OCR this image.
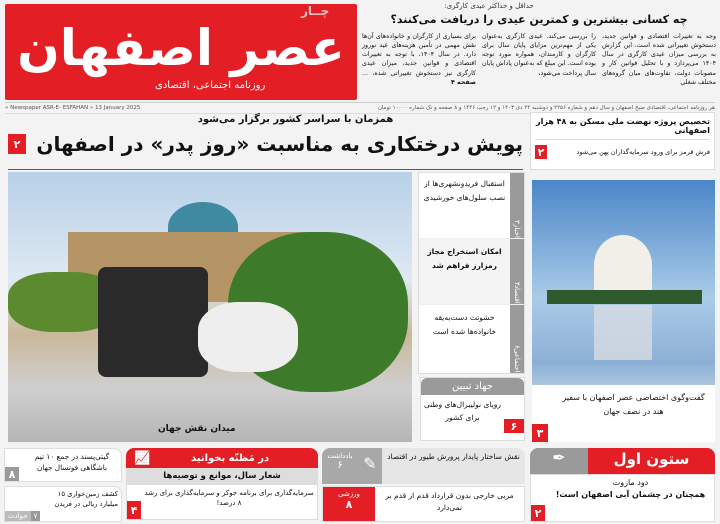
چــار
عصر اصفهان
روزنامه اجتماعی، اقتصادی
حداقل و حداکثر عیدی کارگری:
چه کسانی بیشترین و کمترین عیدی را دریافت می‌کنند؟

وجه به تغییرات اقتصادی و قوانین جدید، دستخوش تغییراتی شده است. این گزارش به بررسی میزان عیدی کارگری در سال ۱۴۰۴ می‌پردازد و با تحلیل قوانین کار و مصوبات دولت، تفاوت‌های میان گروه‌های مختلف شغلی

را بررسی می‌کند. عیدی کارگری به‌عنوان یکی از مهم‌ترین مزایای پایان سال برای کارگران و کارمندان، همواره مورد توجه بوده است. این مبلغ که به‌عنوان پاداش پایان سال پرداخت می‌شود،

برای بسیاری از کارگران و خانواده‌های آن‌ها نقش مهمی در تأمین هزینه‌های عید نوروز دارد. در سال ۱۴۰۴، با توجه به تغییرات اقتصادی و قوانین جدید، میزان عیدی کارگری نیز دستخوش تغییراتی شده، ... صفحه ۴

هر روزنامه اجتماعی، اقتصادی صبح اصفهان و سال دهم و شماره ۲۲۵۶ و دوشنبه ۲۴ دی ۱۴۰۳ و ۱۲ رجب ۱۴۴۶ و ۸ صفحه و تک شماره ۱۰۰۰۰ تومان
« Newspaper ASR-E- ESFAHAN » 13 January 2025
همزمان با سراسر کشور برگزار می‌شود
پویش درختکاری به مناسبت «روز پدر» در اصفهان
۲
تخصیص پروژه نهضت ملی مسکن به ۴۸ هزار اصفهانی
فرش قرمز برای ورود سرمایه‌گذاران پهن می‌شود
۲
میدان نقش جهان
اخبار
۳

استقبال فریدونشهری‌ها از نصب سلول‌های خورشیدی

اقتصاد
۴

امکان استخراج مجاز رمزارز فراهم شد

اجتماعی
۶

خشونت دست‌به‌یقه خانواده‌ها شده است

جهاد تبیین
۶

رویای نولیبرال‌های وطنی برای کشور

گفت‌وگوی اختصاصی عصر اصفهان با سفیر هند در نصف جهان

۳
ستون اول
✒
دود مازوت
همچنان در چشمان آبی اصفهان است!
۲

نقش ساختار پایدار پرورش طیور در اقتصاد

✎
یادداشت
۶

مربی خارجی بدون قرارداد قدم از قدم بر نمی‌دارد

ورزشی
۸
در مَظنّه بخوانید
📈
شعار سال، موانع و توصیه‌ها

سرمایه‌گذاری برای برنامه جوکر و سرمایه‌گذاری برای رشد ۸ درصد!

۴

گیتی‌پسند در جمع ۱۰ تیم باشگاهی فوتسال جهان

۸

کشف زمین‌خواری ۱۵ میلیارد ریالی در فریدن

۷
حوادث
